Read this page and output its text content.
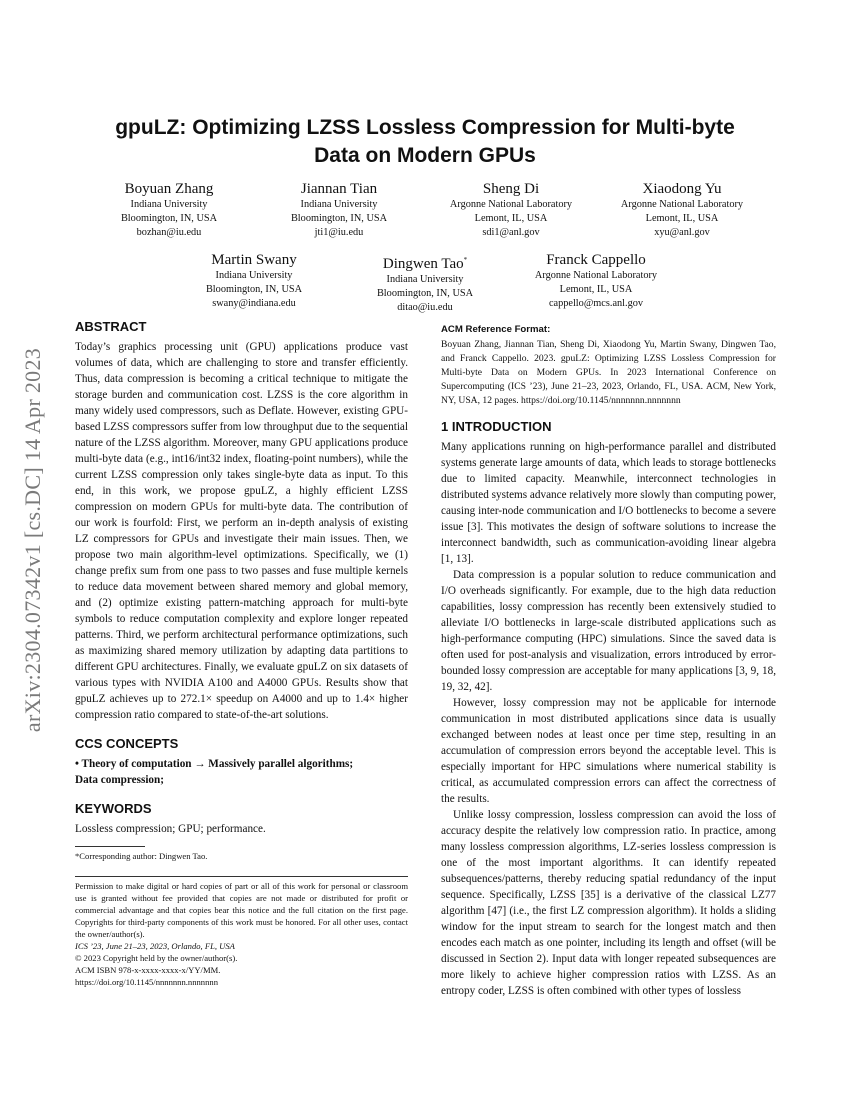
arXiv:2304.07342v1 [cs.DC] 14 Apr 2023
gpuLZ: Optimizing LZSS Lossless Compression for Multi-byte
Data on Modern GPUs
Boyuan Zhang
Indiana University
Bloomington, IN, USA
bozhan@iu.edu
Jiannan Tian
Indiana University
Bloomington, IN, USA
jti1@iu.edu
Sheng Di
Argonne National Laboratory
Lemont, IL, USA
sdi1@anl.gov
Xiaodong Yu
Argonne National Laboratory
Lemont, IL, USA
xyu@anl.gov
Martin Swany
Indiana University
Bloomington, IN, USA
swany@indiana.edu
Dingwen Tao*
Indiana University
Bloomington, IN, USA
ditao@iu.edu
Franck Cappello
Argonne National Laboratory
Lemont, IL, USA
cappello@mcs.anl.gov
ABSTRACT

Today’s graphics processing unit (GPU) applications produce vast volumes of data, which are challenging to store and transfer efficiently. Thus, data compression is becoming a critical technique to mitigate the storage burden and communication cost. LZSS is the core algorithm in many widely used compressors, such as Deflate. However, existing GPU-based LZSS compressors suffer from low throughput due to the sequential nature of the LZSS algorithm. Moreover, many GPU applications produce multi-byte data (e.g., int16/int32 index, floating-point numbers), while the current LZSS compression only takes single-byte data as input. To this end, in this work, we propose gpuLZ, a highly efficient LZSS compression on modern GPUs for multi-byte data. The contribution of our work is fourfold: First, we perform an in-depth analysis of existing LZ compressors for GPUs and investigate their main issues. Then, we propose two main algorithm-level optimizations. Specifically, we (1) change prefix sum from one pass to two passes and fuse multiple kernels to reduce data movement between shared memory and global memory, and (2) optimize existing pattern-matching approach for multi-byte symbols to reduce computation complexity and explore longer repeated patterns. Third, we perform architectural performance optimizations, such as maximizing shared memory utilization by adapting data partitions to different GPU architectures. Finally, we evaluate gpuLZ on six datasets of various types with NVIDIA A100 and A4000 GPUs. Results show that gpuLZ achieves up to 272.1× speedup on A4000 and up to 1.4× higher compression ratio compared to state-of-the-art solutions.

CCS CONCEPTS

• Theory of computation → Massively parallel algorithms;

Data compression;

KEYWORDS

Lossless compression; GPU; performance.

*Corresponding author: Dingwen Tao.

Permission to make digital or hard copies of part or all of this work for personal or classroom use is granted without fee provided that copies are not made or distributed for profit or commercial advantage and that copies bear this notice and the full citation on the first page. Copyrights for third-party components of this work must be honored. For all other uses, contact the owner/author(s).

ICS ’23, June 21–23, 2023, Orlando, FL, USA

© 2023 Copyright held by the owner/author(s).

ACM ISBN 978-x-xxxx-xxxx-x/YY/MM.

https://doi.org/10.1145/nnnnnnn.nnnnnnn

ACM Reference Format:

Boyuan Zhang, Jiannan Tian, Sheng Di, Xiaodong Yu, Martin Swany, Dingwen Tao, and Franck Cappello. 2023. gpuLZ: Optimizing LZSS Lossless Compression for Multi-byte Data on Modern GPUs. In 2023 International Conference on Supercomputing (ICS ’23), June 21–23, 2023, Orlando, FL, USA. ACM, New York, NY, USA, 12 pages. https://doi.org/10.1145/nnnnnnn.nnnnnnn

1 INTRODUCTION

Many applications running on high-performance parallel and distributed systems generate large amounts of data, which leads to storage bottlenecks due to limited capacity. Meanwhile, interconnect technologies in distributed systems advance relatively more slowly than computing power, causing inter-node communication and I/O bottlenecks to become a severe issue [3]. This motivates the design of software solutions to increase the interconnect bandwidth, such as communication-avoiding linear algebra [1, 13].

Data compression is a popular solution to reduce communication and I/O overheads significantly. For example, due to the high data reduction capabilities, lossy compression has recently been extensively studied to alleviate I/O bottlenecks in large-scale distributed applications such as high-performance computing (HPC) simulations. Since the saved data is often used for post-analysis and visualization, errors introduced by error-bounded lossy compression are acceptable for many applications [3, 9, 18, 19, 32, 42].

However, lossy compression may not be applicable for internode communication in most distributed applications since data is usually exchanged between nodes at least once per time step, resulting in an accumulation of compression errors beyond the acceptable level. This is especially important for HPC simulations where numerical stability is critical, as accumulated compression errors can affect the correctness of the results.

Unlike lossy compression, lossless compression can avoid the loss of accuracy despite the relatively low compression ratio. In practice, among many lossless compression algorithms, LZ-series lossless compression is one of the most important algorithms. It can identify repeated subsequences/patterns, thereby reducing spatial redundancy of the input sequence. Specifically, LZSS [35] is a derivative of the classical LZ77 algorithm [47] (i.e., the first LZ compression algorithm). It holds a sliding window for the input stream to search for the longest match and then encodes each match as one pointer, including its length and offset (will be discussed in Section 2). Input data with longer repeated subsequences are more likely to achieve higher compression ratios with LZSS. As an entropy coder, LZSS is often combined with other types of lossless
